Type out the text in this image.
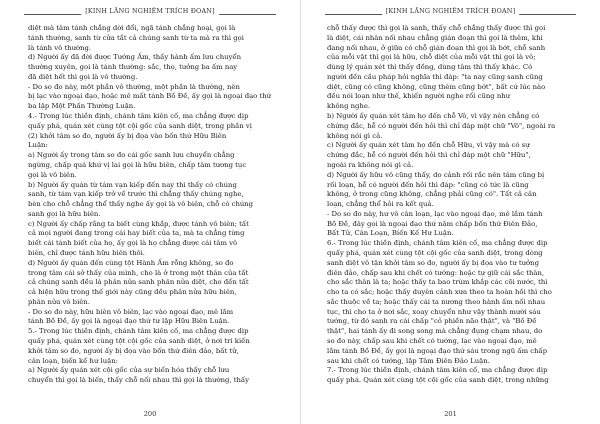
[KINH LĂNG NGHIÊM TRÍCH ĐOẠN]

diệt mà tâm tánh chẳng dời đổi, ngã tánh chẳng hoại, gọi là

tánh thường, sanh từ cửa tắt cả chúng sanh từ ta mà ra thì gọi

là tánh vô thường.

d) Người ấy đã đời được Tướng Ấm, thấy hành ấm lưu chuyển

thường xuyên, gọi là tánh thường: sắc, thọ, tưởng ba ấm nay

đã diệt hết thì gọi là vô thường.

- Do so đo này, một phần vô thường, một phần là thường, nên

bị lạc vào ngoại đạo, hoặc mê mất tánh Bồ Đề, ấy gọi là ngoại đạo thứ

ba lập Một Phần Thường Luận.

4.- Trong lúc thiền định, chánh tâm kiên cố, ma chẳng được dịp

quấy phá, quán xét cùng tột cội gốc của sanh diệt, trong phần vị

(2) khởi tâm so đo, người ấy bị đọa vào bốn thứ Hữu Biên

Luận:

a) Người ấy trong tâm so đo cái gốc sanh lưu chuyển chẳng

ngừng, chấp quá khứ vị lai gọi là hữu biên, chấp tâm tương tục

gọi là vô biên.

b) Người ấy quán từ tám vạn kiếp đến nay thì thấy có chúng

sanh, từ tám vạn kiếp trở về trước thì chẳng thấy chúng nghe,

bèn cho chỗ chẳng thể thấy nghe ấy gọi là vô biên, chỗ có chúng

sanh gọi là hữu biên.

c) Người ấy chấp rằng ta biết cùng khắp, được tánh vô biên; tất

cả mọi người đang trong cái hay biết của ta, mà ta chẳng từng

biết cái tánh biết của họ, ấy gọi là họ chẳng được cái tâm vô

biên, chỉ được tánh hữu biên thôi.

d) Người ấy quán đến cùng tột Hành Ấm rỗng không, so đo

trong tâm cái sở thấy của mình, cho là ở trong một thân của tất

cả chúng sanh đều là phân nửa sanh phân nửa diệt, cho đến tất

cả hiện hữu trong thế giới này cũng đều phân nửa hữu biên,

phân nửa vô biên.

- Do so đo này, hữu biên vô biên, lạc vào ngoại đạo, mê lầm

tánh Bồ Đề, ấy gọi là ngoại đạo thứ tư lập Hữu Biên Luận.

5.- Trong lúc thiền định, chánh tâm kiên cố, ma chẳng được dịp

quấy phá, quán xét cùng tột cội gốc của sanh diệt, ở nơi tri kiến

khởi tâm so đo, người ấy bị đọa vào bốn thứ điên đảo, bất tử,

cân loạn, biến kế hư luận:

a) Người ấy quán xét cội gốc của sự biến hóa thấy chỗ lưu

chuyển thì gọi là biến, thấy chỗ nối nhau thì gọi là thường, thấy

200
[KINH LĂNG NGHIÊM TRÍCH ĐOẠN]

chỗ thấy được thì gọi là sanh, thấy chỗ chẳng thấy được thì gọi

là diệt, cái nhân nối nhau chẳng gián đoạn thì gọi là thêm, khi

đang nối nhau, ở giữa có chỗ gián đoạn thì gọi là bớt, chỗ sanh

của mỗi vật thì gọi là hữu, chỗ diệt của mỗi vật thì gọi là vô;

dùng lý quán xét thì thấy đồng, dùng tâm thì thấy khác. Có

người đến cầu pháp hỏi nghĩa thì đáp: "ta nay cũng sanh cũng

diệt, cũng có cũng không, cũng thêm cũng bớt", bất cứ lúc nào

đều nói loạn như thế, khiến người nghe rối cũng như

không nghe.

b) Người ấy quán xét tâm họ đến chỗ Vô, vì vậy nên chẳng có

chứng đắc, hễ có người đến hỏi thì chỉ đáp một chữ "Vô", ngoài ra

không nói gì cả.

c) Người ấy quán xét tâm họ đến chỗ Hữu, vì vậy mà có sự

chứng đắc, hễ có người đến hỏi thì chỉ đáp một chữ "Hữu",

ngoài ra không nói gì cả.

d) Người ấy hữu vô cũng thấy, do cảnh rối rắc nên tâm cũng bị

rối loạn, hễ có người đến hỏi thì đáp: "cũng có tức là cũng

không, ở trong cũng không, chẳng phải cũng có". Tất cả cân

loạn, chẳng thể hỏi ra kết quả.

- Do so đo này, hư vô cân loạn, lạc vào ngoại đạo, mê lầm tánh

Bồ Đề, đây gọi là ngoại đạo thứ năm chấp bốn thứ Điên Đảo,

Bất Tử, Cân Loạn, Biến Kế Hư Luận.

6.- Trong lúc thiền định, chánh tâm kiên cố, ma chẳng được dịp

quấy phá, quán xét cùng tột cội gốc của sanh diệt, trong dòng

sanh diệt vô tận khởi tâm so đo, người ấy bị đọa vào tư tưởng

điên đảo, chấp sau khi chết có tướng: hoặc tự giữ cái sắc thân,

cho sắc thân là ta; hoặc thấy ta bao trùm khắp các cõi nước, thì

cho ta có sắc; hoặc thấy duyên cảnh xưa theo ta hoàn hồi thì cho

sắc thuộc về ta; hoặc thấy cái ta nương theo hành ấm nối nhau

tục, thì cho ta ở nơi sắc, xoay chuyển như vậy thành mười sáu

tướng, từ đó sanh ra cái chấp "cỏ phiền não thật", và "Bồ Đề

thật", hai tánh ấy đi song song mà chẳng đụng chạm nhau, do

so đo này, chấp sau khi chết có tướng, lạc vào ngoại đạo, mê

lầm tánh Bồ Đề, ấy gọi là ngoại đạo thứ sáu trong ngũ ấm chấp

sau khi chết có tướng, lập Tâm Điên Đảo Luận.

7.- Trong lúc thiền định, chánh tâm kiên cố, ma chẳng được dịp

quấy phá. Quán xét cùng tột cội gốc của sanh diệt, trong những

201
